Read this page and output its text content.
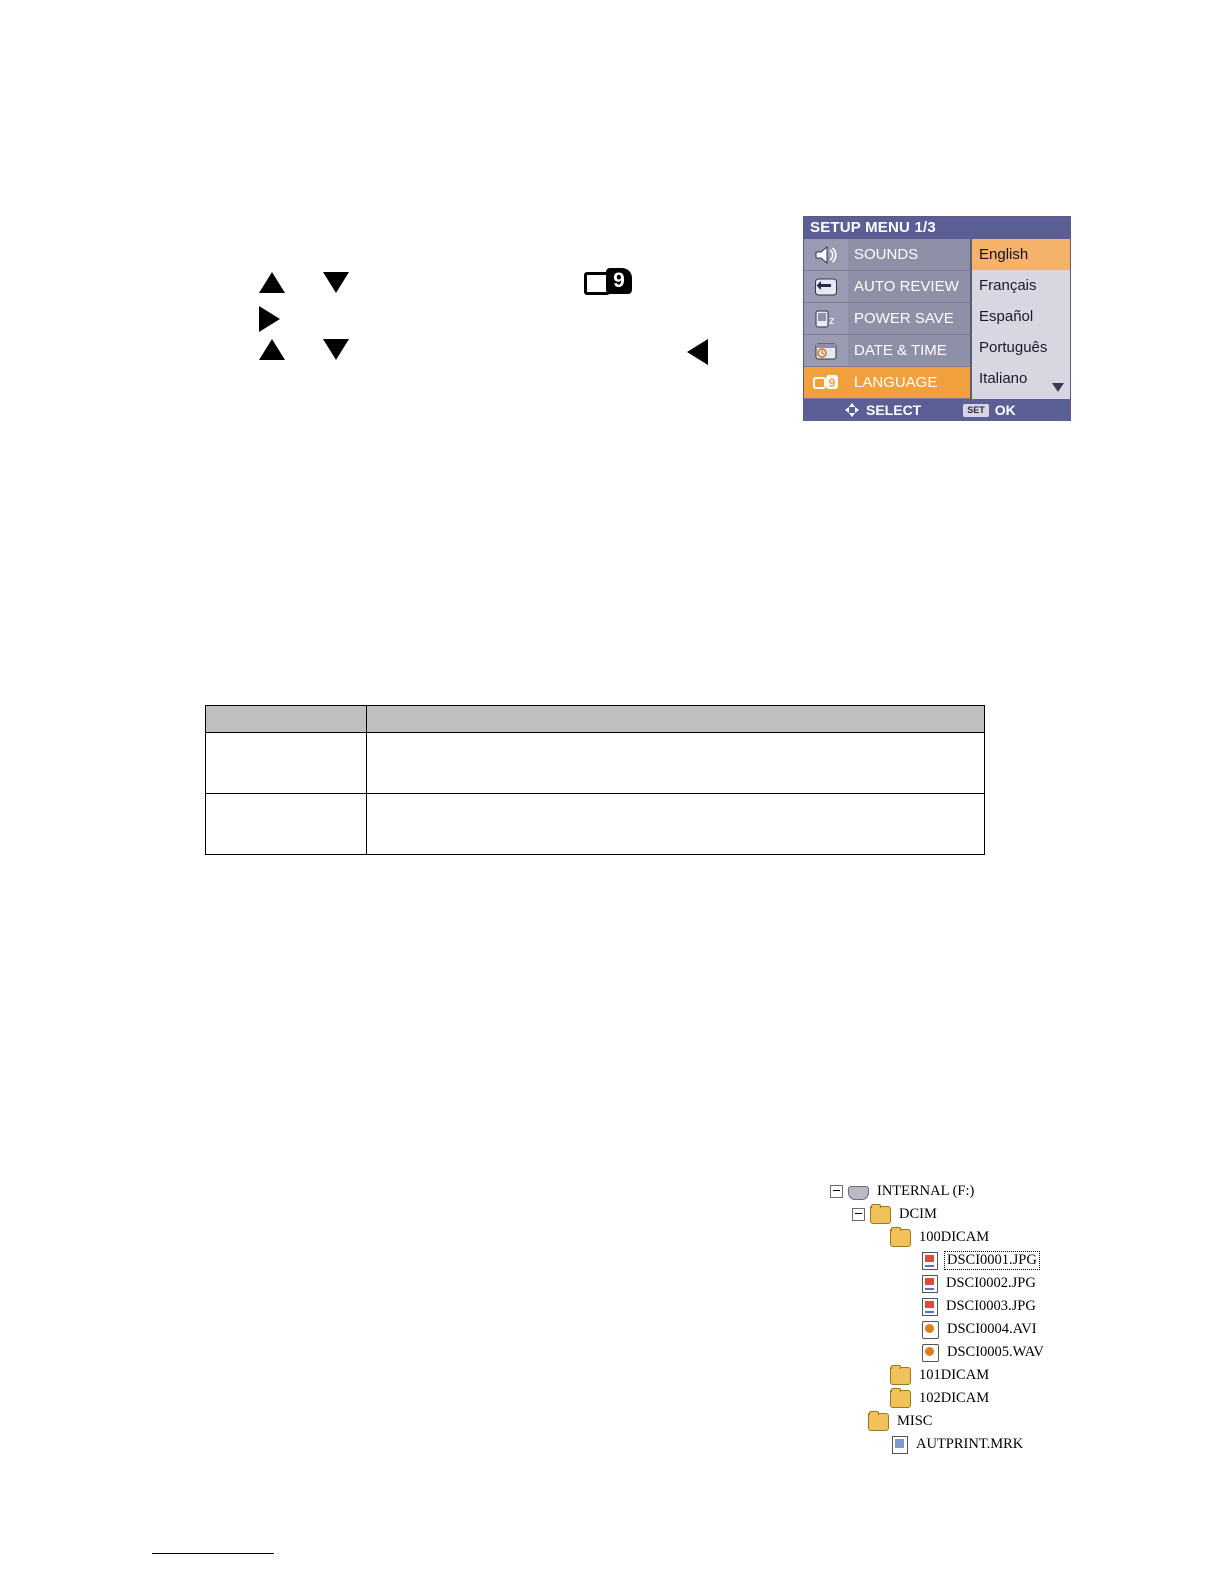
9
SETUP MENU 1/3
z
9
SOUNDS
AUTO REVIEW
POWER SAVE
DATE & TIME
LANGUAGE
English
Français
Español
Português
Italiano
SELECT	SET OK

INTERNAL (F:)
DCIM
100DICAM
DSCI0001.JPG
DSCI0002.JPG
DSCI0003.JPG
DSCI0004.AVI
DSCI0005.WAV
101DICAM
102DICAM
MISC
AUTPRINT.MRK
